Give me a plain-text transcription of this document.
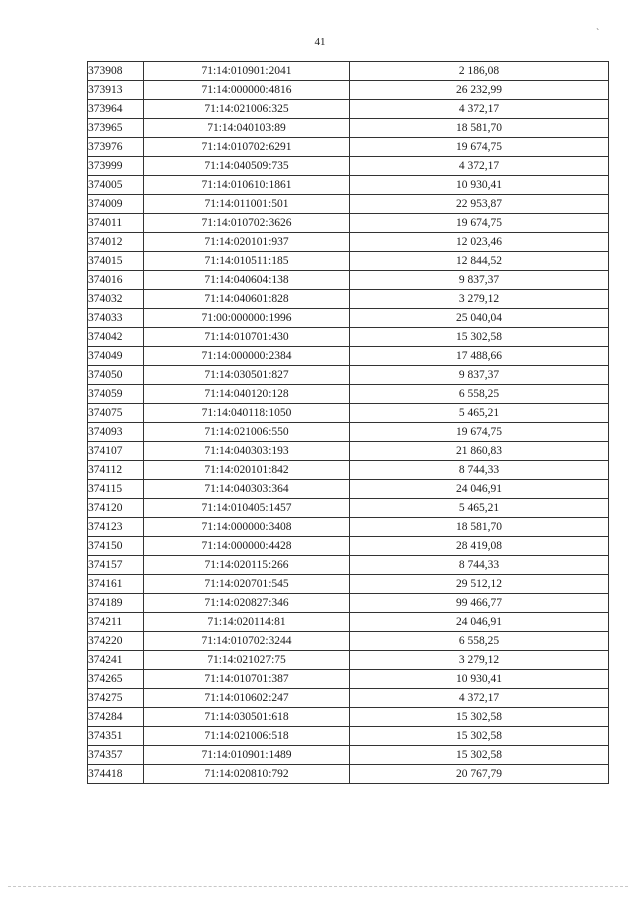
41
`
373908	71:14:010901:2041	2 186,08
373913	71:14:000000:4816	26 232,99
373964	71:14:021006:325	4 372,17
373965	71:14:040103:89	18 581,70
373976	71:14:010702:6291	19 674,75
373999	71:14:040509:735	4 372,17
374005	71:14:010610:1861	10 930,41
374009	71:14:011001:501	22 953,87
374011	71:14:010702:3626	19 674,75
374012	71:14:020101:937	12 023,46
374015	71:14:010511:185	12 844,52
374016	71:14:040604:138	9 837,37
374032	71:14:040601:828	3 279,12
374033	71:00:000000:1996	25 040,04
374042	71:14:010701:430	15 302,58
374049	71:14:000000:2384	17 488,66
374050	71:14:030501:827	9 837,37
374059	71:14:040120:128	6 558,25
374075	71:14:040118:1050	5 465,21
374093	71:14:021006:550	19 674,75
374107	71:14:040303:193	21 860,83
374112	71:14:020101:842	8 744,33
374115	71:14:040303:364	24 046,91
374120	71:14:010405:1457	5 465,21
374123	71:14:000000:3408	18 581,70
374150	71:14:000000:4428	28 419,08
374157	71:14:020115:266	8 744,33
374161	71:14:020701:545	29 512,12
374189	71:14:020827:346	99 466,77
374211	71:14:020114:81	24 046,91
374220	71:14:010702:3244	6 558,25
374241	71:14:021027:75	3 279,12
374265	71:14:010701:387	10 930,41
374275	71:14:010602:247	4 372,17
374284	71:14:030501:618	15 302,58
374351	71:14:021006:518	15 302,58
374357	71:14:010901:1489	15 302,58
374418	71:14:020810:792	20 767,79
